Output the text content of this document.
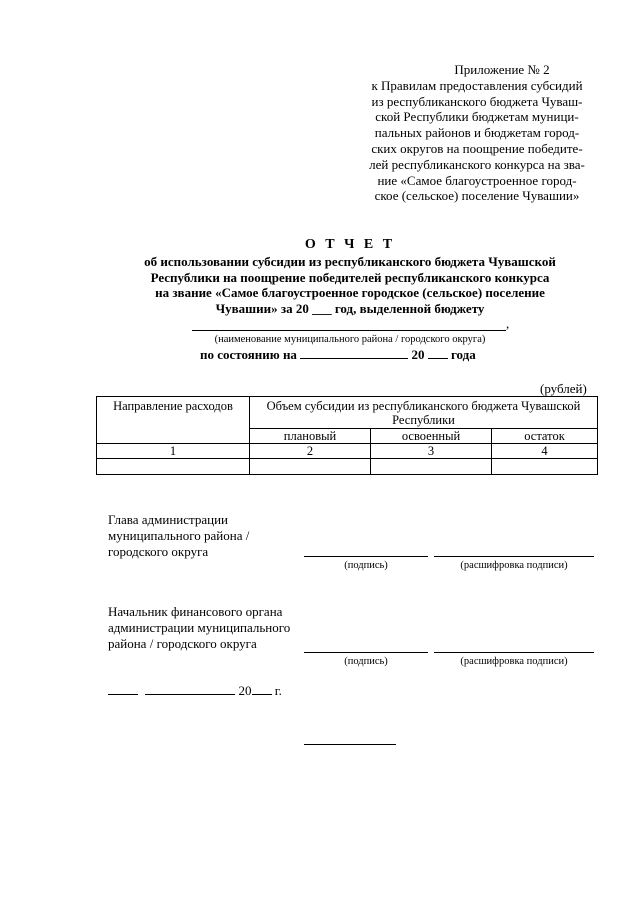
Приложение № 2
к Правилам предоставления субсидий
из республиканского бюджета Чуваш-
ской Республики бюджетам муници-
пальных районов и бюджетам город-
ских округов на поощрение победите-
лей республиканского конкурса на зва-
ние «Самое благоустроенное город-
ское (сельское) поселение Чувашии»
О Т Ч Е Т
об использовании субсидии из республиканского бюджета Чувашской
Республики на поощрение победителей республиканского конкурса
на звание «Самое благоустроенное городское (сельское) поселение
Чувашии» за 20 ___ год, выделенной бюджету
,
(наименование муниципального района / городского округа)
по состоянию на	20 года
(рублей)
Направление расходов	Объем субсидии из республиканского бюджета Чувашской Республики		
	плановый	освоенный	остаток
1	2	3	4

Глава администрации
муниципального района /
городского округа
(подпись)	(расшифровка подписи)
Начальник финансового органа
администрации муниципального
района / городского округа
(подпись)	(расшифровка подписи)
20 г.
